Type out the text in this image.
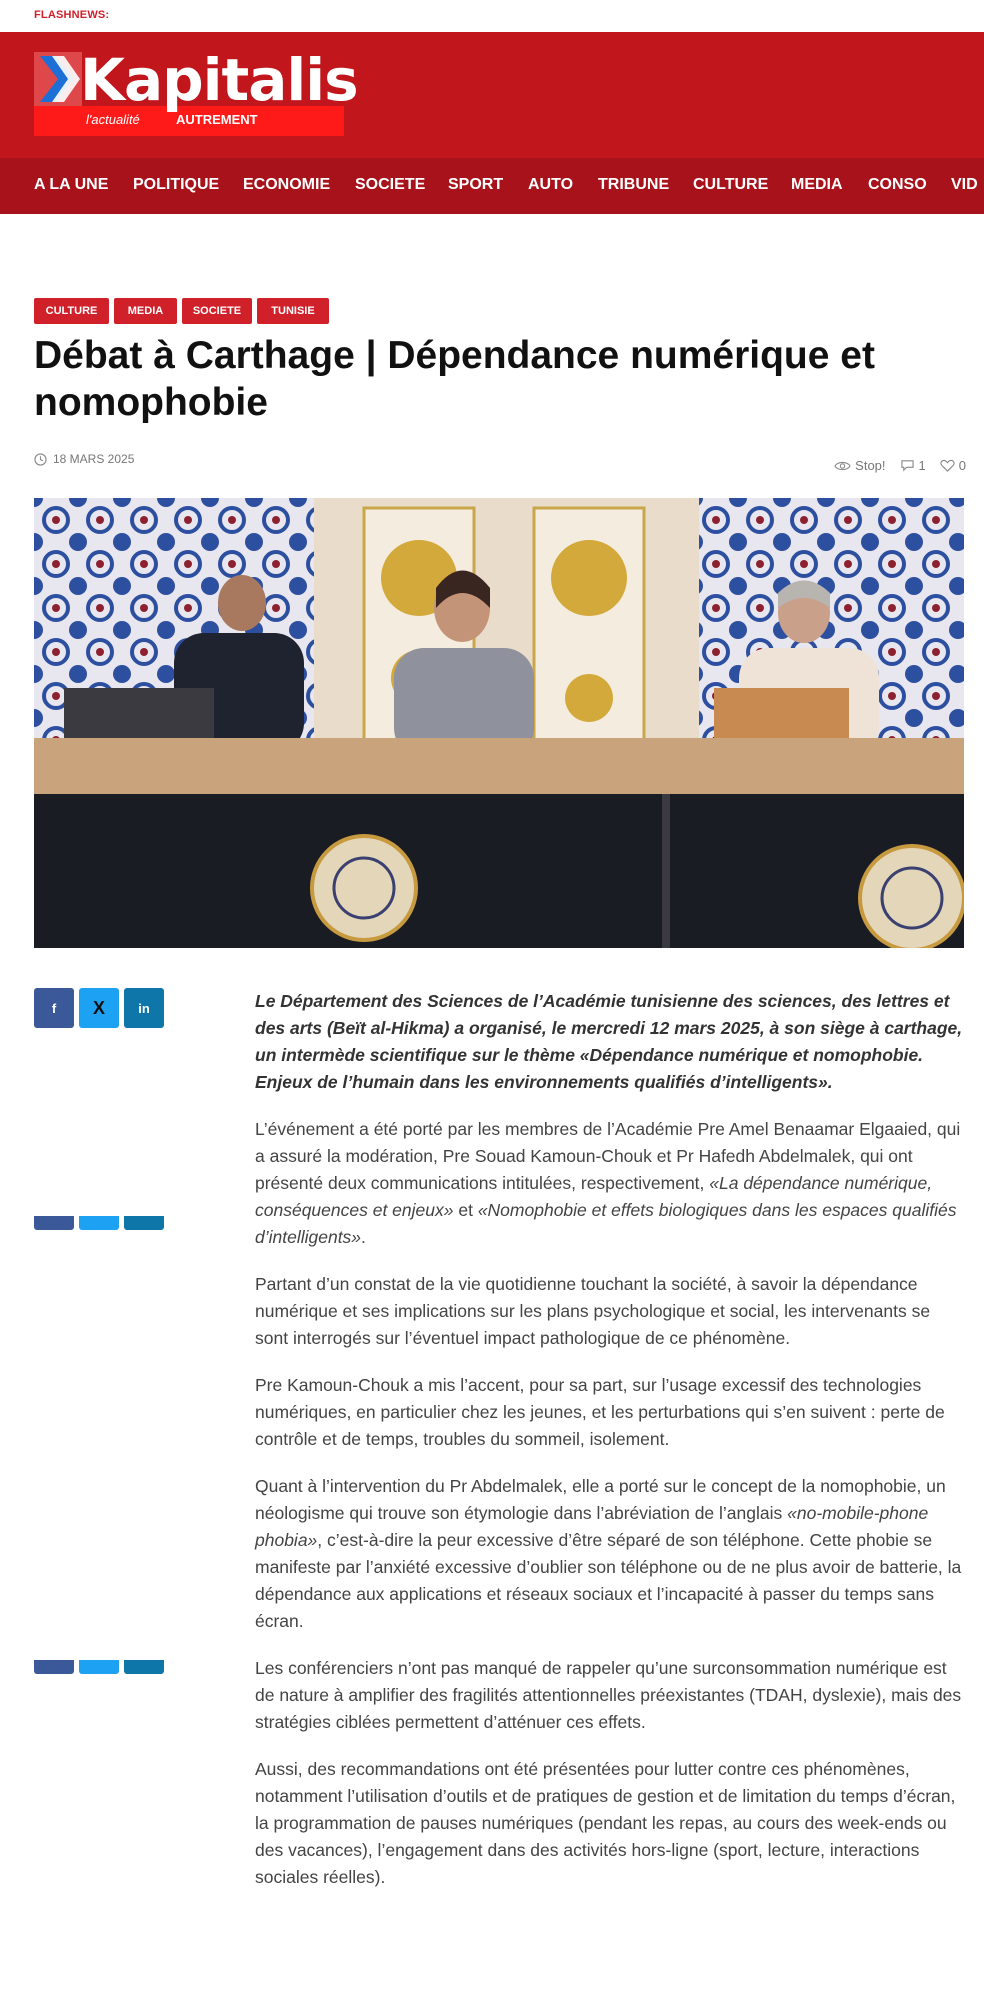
FLASHNEWS:
Kapitalis
l'actualité	AUTREMENT
A LA UNE POLITIQUE ECONOMIE SOCIETE SPORT AUTO TRIBUNE CULTURE MEDIA CONSO VID
CULTURE	MEDIA	SOCIETE	TUNISIE
Débat à Carthage | Dépendance numérique et nomophobie
18 MARS 2025	Stop!	1	0
f X	in	Le Département des Sciences de l’Académie tunisienne des sciences, des lettres et des arts (Beït al-Hikma) a organisé, le mercredi 12 mars 2025, à son siège à carthage, un intermède scientifique sur le thème «Dépendance numérique et nomophobie. Enjeux de l’humain dans les environnements qualifiés d’intelligents».

L’événement a été porté par les membres de l’Académie Pre Amel Benaamar Elgaaied, qui a assuré la modération, Pre Souad Kamoun-Chouk et Pr Hafedh Abdelmalek, qui ont présenté deux communications intitulées, respectivement, «La dépendance numérique, conséquences et enjeux» et «Nomophobie et effets biologiques dans les espaces qualifiés d’intelligents».

Partant d’un constat de la vie quotidienne touchant la société, à savoir la dépendance numérique et ses implications sur les plans psychologique et social, les intervenants se sont interrogés sur l’éventuel impact pathologique de ce phénomène.

Pre Kamoun-Chouk a mis l’accent, pour sa part, sur l’usage excessif des technologies numériques, en particulier chez les jeunes, et les perturbations qui s’en suivent : perte de contrôle et de temps, troubles du sommeil, isolement.

Quant à l’intervention du Pr Abdelmalek, elle a porté sur le concept de la nomophobie, un néologisme qui trouve son étymologie dans l’abréviation de l’anglais «no-mobile-phone phobia», c’est-à-dire la peur excessive d’être séparé de son téléphone. Cette phobie se manifeste par l’anxiété excessive d’oublier son téléphone ou de ne plus avoir de batterie, la dépendance aux applications et réseaux sociaux et l’incapacité à passer du temps sans écran.

Les conférenciers n’ont pas manqué de rappeler qu’une surconsommation numérique est de nature à amplifier des fragilités attentionnelles préexistantes (TDAH, dyslexie), mais des stratégies ciblées permettent d’atténuer ces effets.

Aussi, des recommandations ont été présentées pour lutter contre ces phénomènes, notamment l’utilisation d’outils et de pratiques de gestion et de limitation du temps d’écran, la programmation de pauses numériques (pendant les repas, au cours des week-ends ou des vacances), l’engagement dans des activités hors-ligne (sport, lecture, interactions sociales réelles).
